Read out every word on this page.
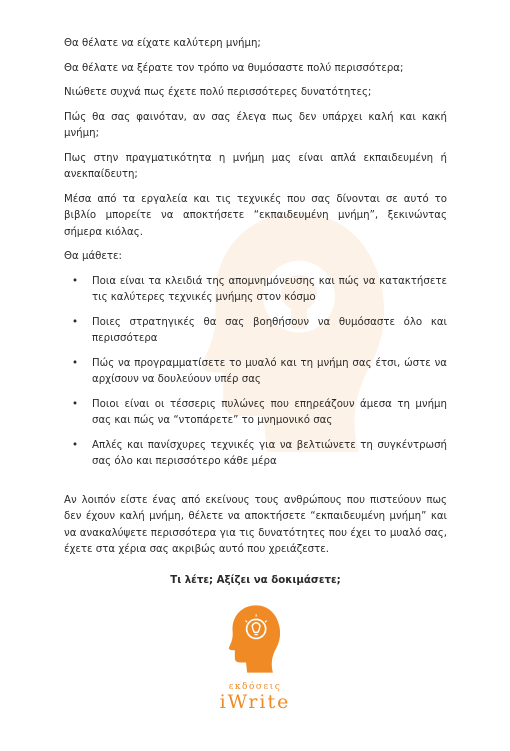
Θα θέλατε να είχατε καλύτερη μνήμη;

Θα θέλατε να ξέρατε τον τρόπο να θυμόσαστε πολύ περισσότερα;

Νιώθετε συχνά πως έχετε πολύ περισσότερες δυνατότητες;

Πώς θα σας φαινόταν, αν σας έλεγα πως δεν υπάρχει καλή και κακή μνήμη;

Πως στην πραγματικότητα η μνήμη μας είναι απλά εκπαιδευμένη ή ανεκπαίδευτη;

Μέσα από τα εργαλεία και τις τεχνικές που σας δίνονται σε αυτό το βιβλίο μπορείτε να αποκτήσετε “εκπαιδευμένη μνήμη”, ξεκινώντας σήμερα κιόλας.

Θα μάθετε:

• Ποια είναι τα κλειδιά της απομνημόνευσης και πώς να κατακτήσετε τις καλύτερες τεχνικές μνήμης στον κόσμο
• Ποιες στρατηγικές θα σας βοηθήσουν να θυμόσαστε όλο και περισσότερα
• Πώς να προγραμματίσετε το μυαλό και τη μνήμη σας έτσι, ώστε να αρχίσουν να δουλεύουν υπέρ σας
• Ποιοι είναι οι τέσσερις πυλώνες που επηρεάζουν άμεσα τη μνήμη σας και πώς να “ντοπάρετε” το μνημονικό σας
• Απλές και πανίσχυρες τεχνικές για να βελτιώνετε τη συγκέντρωσή σας όλο και περισσότερο κάθε μέρα

Αν λοιπόν είστε ένας από εκείνους τους ανθρώπους που πιστεύουν πως δεν έχουν καλή μνήμη, θέλετε να αποκτήσετε “εκπαιδευμένη μνήμη” και να ανακαλύψετε περισσότερα για τις δυνατότητες που έχει το μυαλό σας, έχετε στα χέρια σας ακριβώς αυτό που χρειάζεστε.

Τι λέτε; Αξίζει να δοκιμάσετε;

εκδόσεις
iWrite
